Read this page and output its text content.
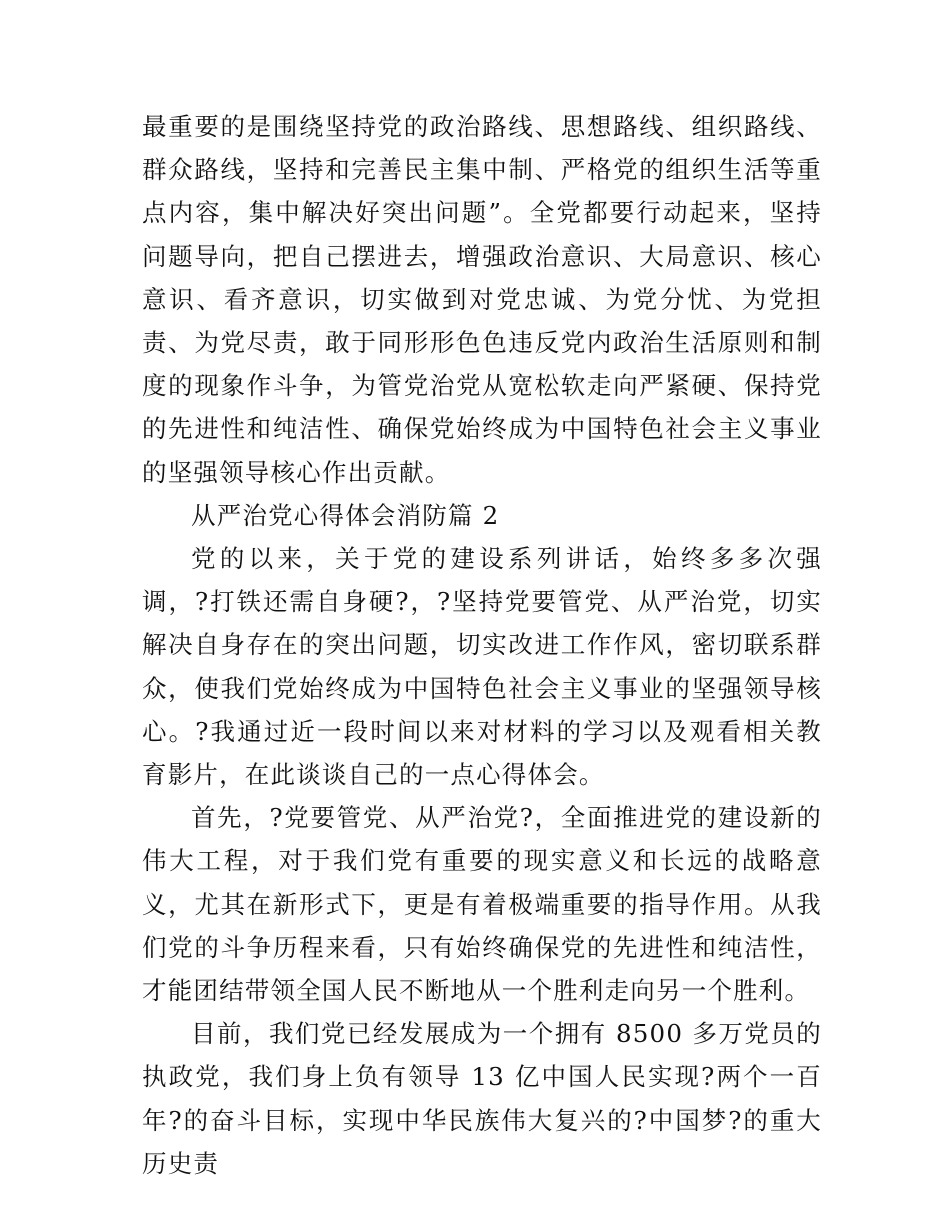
最重要的是围绕坚持党的政治路线、思想路线、组织路线、群众路线，坚持和完善民主集中制、严格党的组织生活等重点内容，集中解决好突出问题”。全党都要行动起来，坚持问题导向，把自己摆进去，增强政治意识、大局意识、核心意识、看齐意识，切实做到对党忠诚、为党分忧、为党担责、为党尽责，敢于同形形色色违反党内政治生活原则和制度的现象作斗争，为管党治党从宽松软走向严紧硬、保持党的先进性和纯洁性、确保党始终成为中国特色社会主义事业的坚强领导核心作出贡献。

从严治党心得体会消防篇 2

党的以来，关于党的建设系列讲话，始终多多次强调，?打铁还需自身硬?，?坚持党要管党、从严治党，切实解决自身存在的突出问题，切实改进工作作风，密切联系群众，使我们党始终成为中国特色社会主义事业的坚强领导核心。?我通过近一段时间以来对材料的学习以及观看相关教育影片，在此谈谈自己的一点心得体会。

首先，?党要管党、从严治党?，全面推进党的建设新的伟大工程，对于我们党有重要的现实意义和长远的战略意义，尤其在新形式下，更是有着极端重要的指导作用。从我们党的斗争历程来看，只有始终确保党的先进性和纯洁性，才能团结带领全国人民不断地从一个胜利走向另一个胜利。

目前，我们党已经发展成为一个拥有 8500 多万党员的执政党，我们身上负有领导 13 亿中国人民实现?两个一百年?的奋斗目标，实现中华民族伟大复兴的?中国梦?的重大历史责
